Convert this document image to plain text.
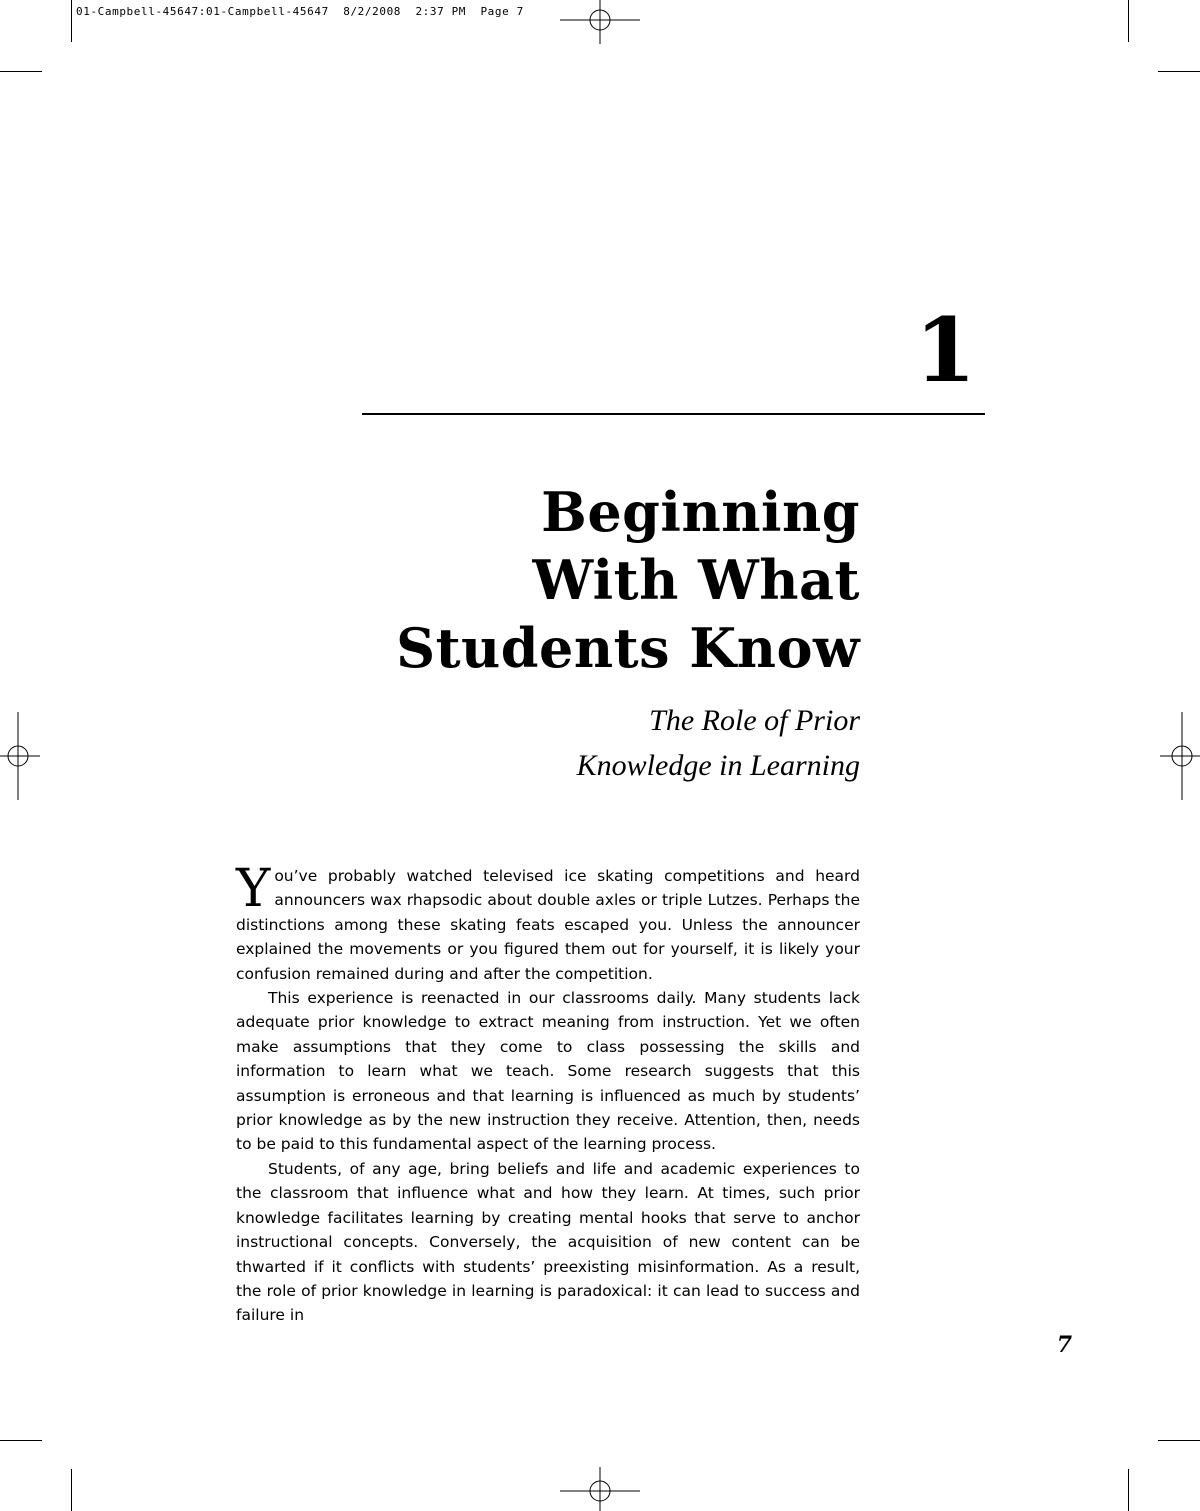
01-Campbell-45647:01-Campbell-45647  8/2/2008  2:37 PM  Page 7
1
Beginning
With What
Students Know
The Role of Prior
Knowledge in Learning

You’ve probably watched televised ice skating competitions and heard announcers wax rhapsodic about double axles or triple Lutzes. Perhaps the distinctions among these skating feats escaped you. Unless the announcer explained the movements or you figured them out for yourself, it is likely your confusion remained during and after the competition.

This experience is reenacted in our classrooms daily. Many students lack adequate prior knowledge to extract meaning from instruction. Yet we often make assumptions that they come to class possessing the skills and information to learn what we teach. Some research suggests that this assumption is erroneous and that learning is influenced as much by students’ prior knowledge as by the new instruction they receive. Attention, then, needs to be paid to this fundamental aspect of the learning process.

Students, of any age, bring beliefs and life and academic experiences to the classroom that influence what and how they learn. At times, such prior knowledge facilitates learning by creating mental hooks that serve to anchor instructional concepts. Conversely, the acquisition of new content can be thwarted if it conflicts with students’ preexisting misinformation. As a result, the role of prior knowledge in learning is paradoxical: it can lead to success and failure in

7
